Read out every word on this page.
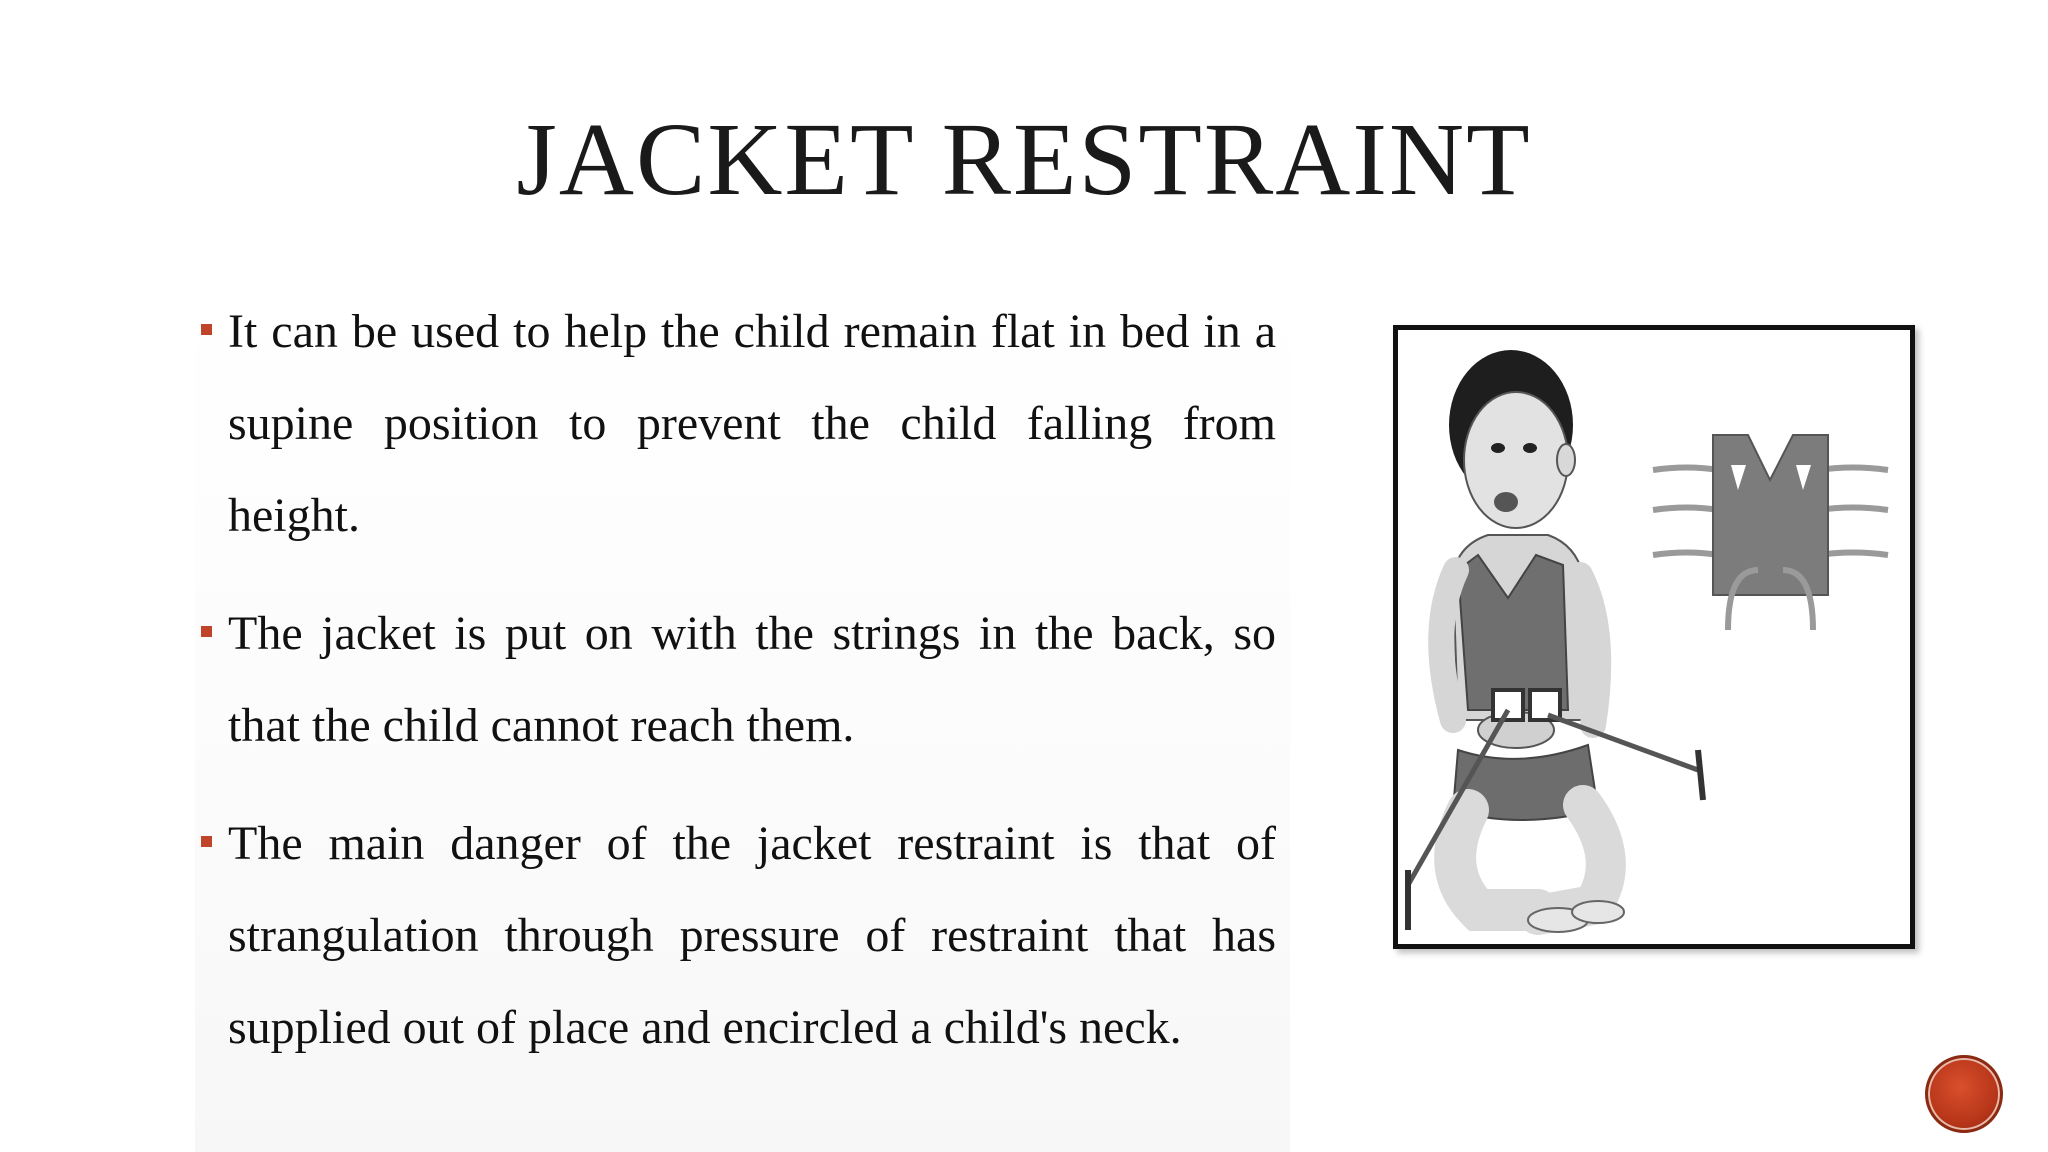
JACKET RESTRAINT
It can be used to help the child remain flat in bed in a supine position to prevent the child falling from height.
The jacket is put on with the strings in the back, so that the child cannot reach them.
The main danger of the jacket restraint is that of strangulation through pressure of restraint that has supplied out of place and encircled a child's neck.
